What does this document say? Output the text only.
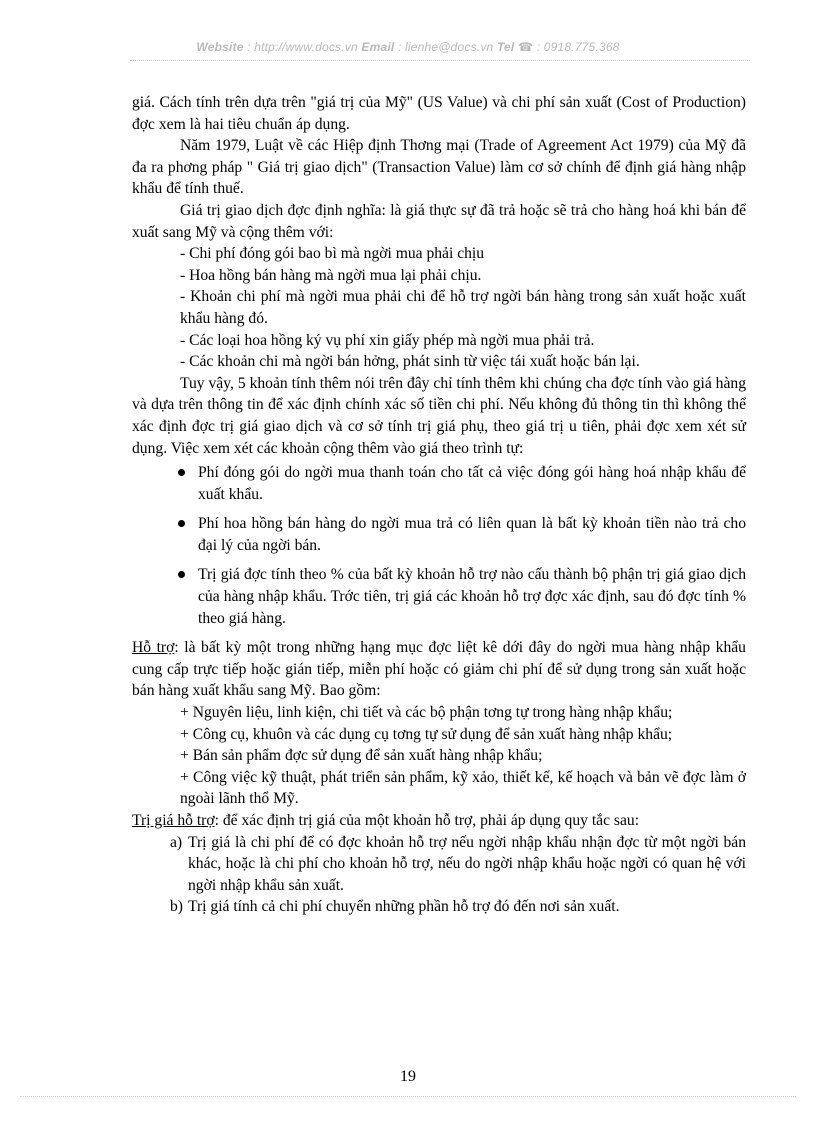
Website : http://www.docs.vn Email : lienhe@docs.vn Tel ☎ : 0918.775.368

giá. Cách tính trên dựa trên "giá trị của Mỹ" (US Value) và chi phí sản xuất (Cost of Production) đợc xem là hai tiêu chuẩn áp dụng.

Năm 1979, Luật về các Hiệp định Thơng mại (Trade of Agreement Act 1979) của Mỹ đã đa ra phơng pháp " Giá trị giao dịch" (Transaction Value) làm cơ sở chính để định giá hàng nhập khẩu để tính thuế.

Giá trị giao dịch đợc định nghĩa: là giá thực sự đã trả hoặc sẽ trả cho hàng hoá khi bán để xuất sang Mỹ và cộng thêm với:

- Chi phí đóng gói bao bì mà ngời mua phải chịu

- Hoa hồng bán hàng mà ngời mua lại phải chịu.

- Khoản chi phí mà ngời mua phải chi để hỗ trợ ngời bán hàng trong sản xuất hoặc xuất khẩu hàng đó.

- Các loại hoa hồng ký vụ phí xin giấy phép mà ngời mua phải trả.

- Các khoản chi mà ngời bán hởng, phát sinh từ việc tái xuất hoặc bán lại.

Tuy vậy, 5 khoản tính thêm nói trên đây chỉ tính thêm khi chúng cha đợc tính vào giá hàng và dựa trên thông tin để xác định chính xác số tiền chi phí. Nếu không đủ thông tin thì không thể xác định đợc trị giá giao dịch và cơ sở tính trị giá phụ, theo giá trị u tiên, phải đợc xem xét sử dụng. Việc xem xét các khoản cộng thêm vào giá theo trình tự:

Phí đóng gói do ngời mua thanh toán cho tất cả việc đóng gói hàng hoá nhập khẩu để xuất khẩu.
Phí hoa hồng bán hàng do ngời mua trả có liên quan là bất kỳ khoản tiền nào trả cho đại lý của ngời bán.
Trị giá đợc tính theo % của bất kỳ khoản hỗ trợ nào cấu thành bộ phận trị giá giao dịch của hàng nhập khẩu. Trớc tiên, trị giá các khoản hỗ trợ đợc xác định, sau đó đợc tính % theo giá hàng.

Hỗ trợ: là bất kỳ một trong những hạng mục đợc liệt kê dới đây do ngời mua hàng nhập khẩu cung cấp trực tiếp hoặc gián tiếp, miễn phí hoặc có giảm chi phí để sử dụng trong sản xuất hoặc bán hàng xuất khẩu sang Mỹ. Bao gồm:

+ Nguyên liệu, linh kiện, chi tiết và các bộ phận tơng tự trong hàng nhập khẩu;

+ Công cụ, khuôn và các dụng cụ tơng tự sử dụng để sản xuất hàng nhập khẩu;

+ Bán sản phẩm đợc sử dụng để sản xuất hàng nhập khẩu;

+ Công việc kỹ thuật, phát triển sản phẩm, kỹ xảo, thiết kế, kế hoạch và bản vẽ đợc làm ở ngoài lãnh thổ Mỹ.

Trị giá hỗ trợ: để xác định trị giá của một khoản hỗ trợ, phải áp dụng quy tắc sau:

a) Trị giá là chi phí để có đợc khoản hỗ trợ nếu ngời nhập khẩu nhận đợc từ một ngời bán khác, hoặc là chi phí cho khoản hỗ trợ, nếu do ngời nhập khẩu hoặc ngời có quan hệ với ngời nhập khẩu sản xuất.

b) Trị giá tính cả chi phí chuyển những phần hỗ trợ đó đến nơi sản xuất.

19
